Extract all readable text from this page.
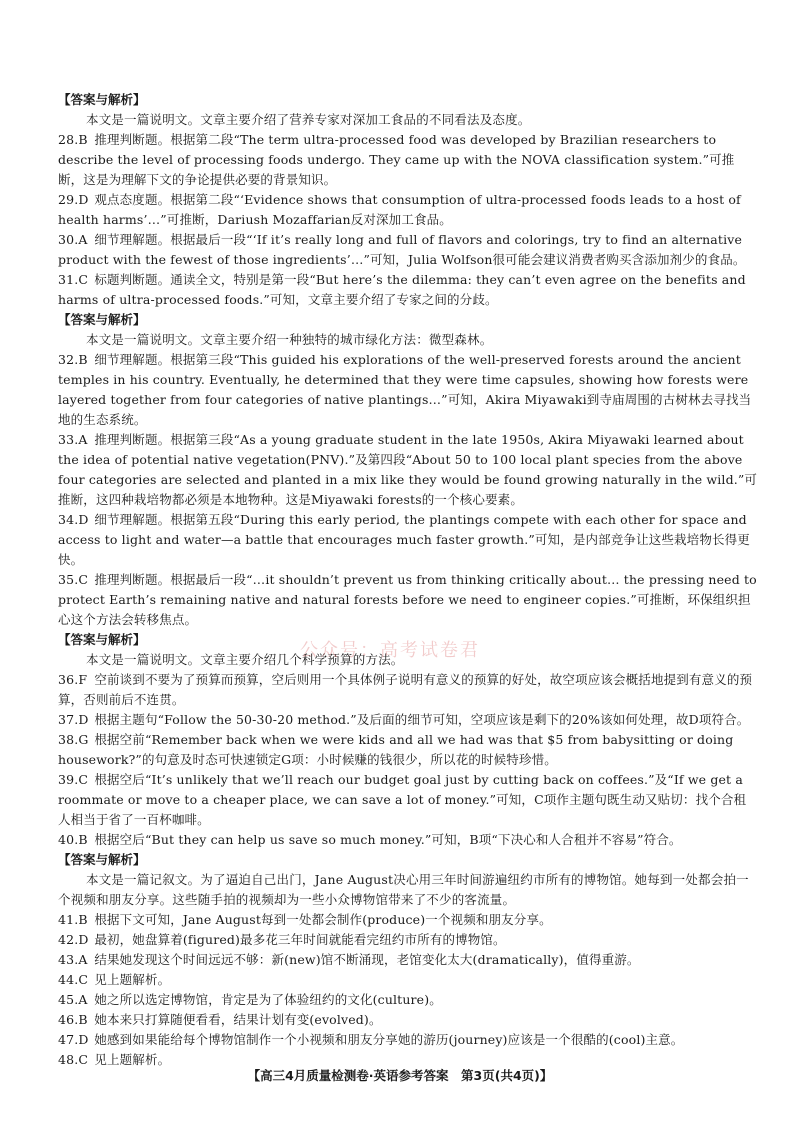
【答案与解析】

本文是一篇说明文。文章主要介绍了营养专家对深加工食品的不同看法及态度。

28.B 推理判断题。根据第二段“The term ultra-processed food was developed by Brazilian researchers to describe the level of processing foods undergo. They came up with the NOVA classification system.”可推断，这是为理解下文的争论提供必要的背景知识。

29.D 观点态度题。根据第二段“‘Evidence shows that consumption of ultra-processed foods leads to a host of health harms’…”可推断，Dariush Mozaffarian反对深加工食品。

30.A 细节理解题。根据最后一段“‘If it’s really long and full of flavors and colorings, try to find an alternative product with the fewest of those ingredients’…”可知，Julia Wolfson很可能会建议消费者购买含添加剂少的食品。

31.C 标题判断题。通读全文，特别是第一段“But here’s the dilemma: they can’t even agree on the benefits and harms of ultra-processed foods.”可知，文章主要介绍了专家之间的分歧。

【答案与解析】

本文是一篇说明文。文章主要介绍一种独特的城市绿化方法：微型森林。

32.B 细节理解题。根据第三段“This guided his explorations of the well-preserved forests around the ancient temples in his country. Eventually, he determined that they were time capsules, showing how forests were layered together from four categories of native plantings…”可知，Akira Miyawaki到寺庙周围的古树林去寻找当地的生态系统。

33.A 推理判断题。根据第三段“As a young graduate student in the late 1950s, Akira Miyawaki learned about the idea of potential native vegetation(PNV).”及第四段“About 50 to 100 local plant species from the above four categories are selected and planted in a mix like they would be found growing naturally in the wild.”可推断，这四种栽培物都必须是本地物种。这是Miyawaki forests的一个核心要素。

34.D 细节理解题。根据第五段“During this early period, the plantings compete with each other for space and access to light and water—a battle that encourages much faster growth.”可知，是内部竞争让这些栽培物长得更快。

35.C 推理判断题。根据最后一段“…it shouldn’t prevent us from thinking critically about… the pressing need to protect Earth’s remaining native and natural forests before we need to engineer copies.”可推断，环保组织担心这个方法会转移焦点。

【答案与解析】

本文是一篇说明文。文章主要介绍几个科学预算的方法。

36.F 空前谈到不要为了预算而预算，空后则用一个具体例子说明有意义的预算的好处，故空项应该会概括地提到有意义的预算，否则前后不连贯。

37.D 根据主题句“Follow the 50-30-20 method.”及后面的细节可知，空项应该是剩下的20%该如何处理，故D项符合。

38.G 根据空前“Remember back when we were kids and all we had was that $5 from babysitting or doing housework?”的句意及时态可快速锁定G项：小时候赚的钱很少，所以花的时候特珍惜。

39.C 根据空后“It’s unlikely that we’ll reach our budget goal just by cutting back on coffees.”及“If we get a roommate or move to a cheaper place, we can save a lot of money.”可知，C项作主题句既生动又贴切：找个合租人相当于省了一百杯咖啡。

40.B 根据空后“But they can help us save so much money.”可知，B项“下决心和人合租并不容易”符合。

【答案与解析】

本文是一篇记叙文。为了逼迫自己出门，Jane August决心用三年时间游遍纽约市所有的博物馆。她每到一处都会拍一个视频和朋友分享。这些随手拍的视频却为一些小众博物馆带来了不少的客流量。

41.B 根据下文可知，Jane August每到一处都会制作(produce)一个视频和朋友分享。

42.D 最初，她盘算着(figured)最多花三年时间就能看完纽约市所有的博物馆。

43.A 结果她发现这个时间远远不够：新(new)馆不断涌现，老馆变化太大(dramatically)，值得重游。

44.C 见上题解析。

45.A 她之所以选定博物馆，肯定是为了体验纽约的文化(culture)。

46.B 她本来只打算随便看看，结果计划有变(evolved)。

47.D 她感到如果能给每个博物馆制作一个小视频和朋友分享她的游历(journey)应该是一个很酷的(cool)主意。

48.C 见上题解析。

公众号：高考试卷君
【高三4月质量检测卷·英语参考答案　第3页(共4页)】
